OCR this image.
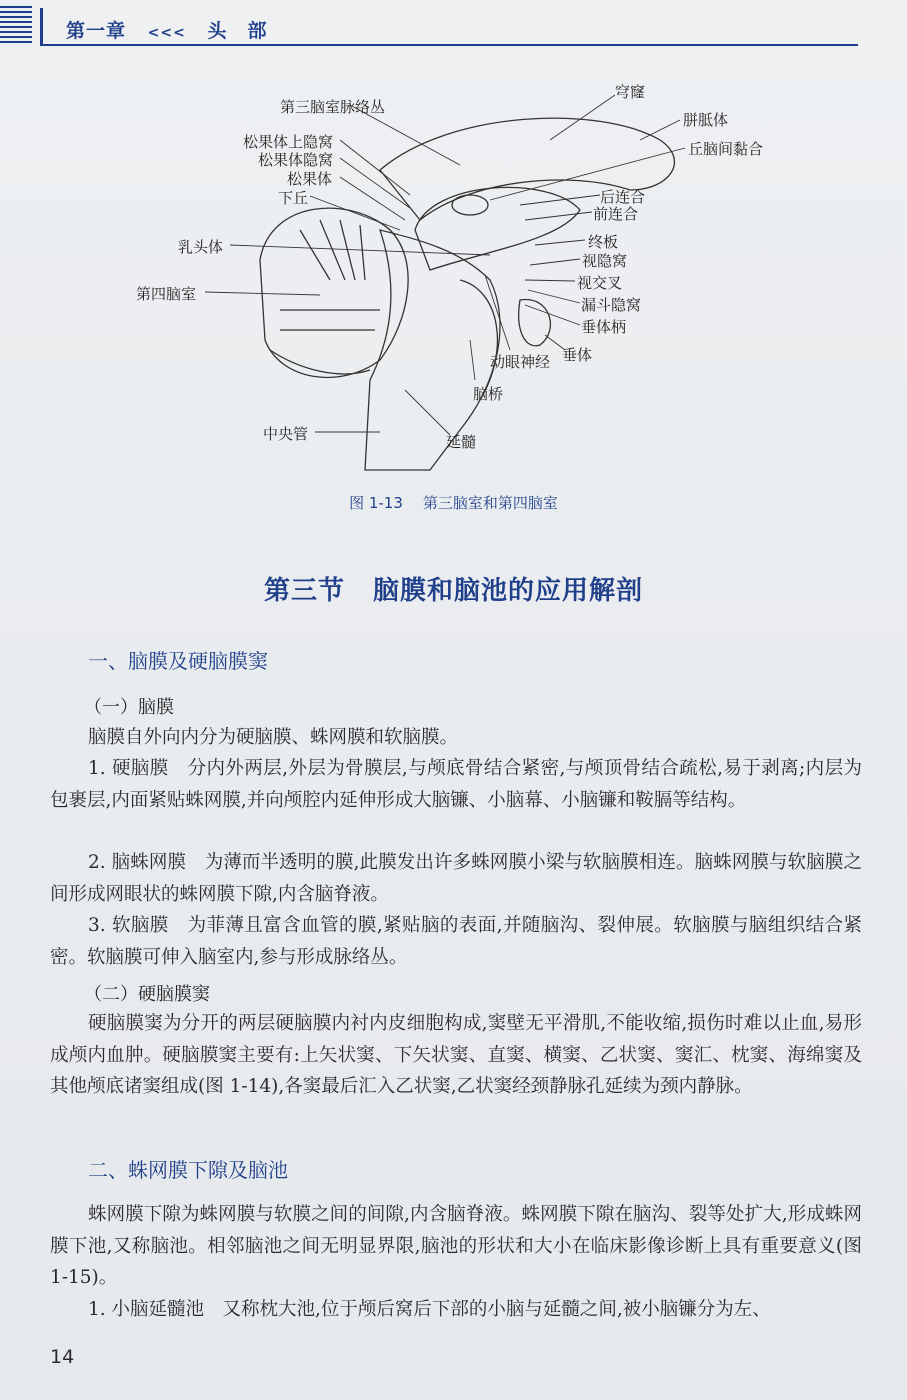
第一章 <<< 头　部
第三脑室脉络丛
穹窿
胼胝体
松果体上隐窝	丘脑间黏合
松果体隐窝
松果体
后连合
下丘
前连合
乳头体	终板
视隐窝
视交叉
第四脑室
漏斗隐窝
垂体柄
动眼神经 垂体
脑桥
中央管	延髓
图 1-13 第三脑室和第四脑室
第三节 脑膜和脑池的应用解剖
一、脑膜及硬脑膜窦
（一）脑膜
脑膜自外向内分为硬脑膜、蛛网膜和软脑膜。
1. 硬脑膜　分内外两层,外层为骨膜层,与颅底骨结合紧密,与颅顶骨结合疏松,易于剥离;内层为包裹层,内面紧贴蛛网膜,并向颅腔内延伸形成大脑镰、小脑幕、小脑镰和鞍膈等结构。
2. 脑蛛网膜　为薄而半透明的膜,此膜发出许多蛛网膜小梁与软脑膜相连。脑蛛网膜与软脑膜之间形成网眼状的蛛网膜下隙,内含脑脊液。
3. 软脑膜　为菲薄且富含血管的膜,紧贴脑的表面,并随脑沟、裂伸展。软脑膜与脑组织结合紧密。软脑膜可伸入脑室内,参与形成脉络丛。
（二）硬脑膜窦
硬脑膜窦为分开的两层硬脑膜内衬内皮细胞构成,窦壁无平滑肌,不能收缩,损伤时难以止血,易形成颅内血肿。硬脑膜窦主要有:上矢状窦、下矢状窦、直窦、横窦、乙状窦、窦汇、枕窦、海绵窦及其他颅底诸窦组成(图 1-14),各窦最后汇入乙状窦,乙状窦经颈静脉孔延续为颈内静脉。
二、蛛网膜下隙及脑池
蛛网膜下隙为蛛网膜与软膜之间的间隙,内含脑脊液。蛛网膜下隙在脑沟、裂等处扩大,形成蛛网膜下池,又称脑池。相邻脑池之间无明显界限,脑池的形状和大小在临床影像诊断上具有重要意义(图 1-15)。
1. 小脑延髓池　又称枕大池,位于颅后窝后下部的小脑与延髓之间,被小脑镰分为左、
14
